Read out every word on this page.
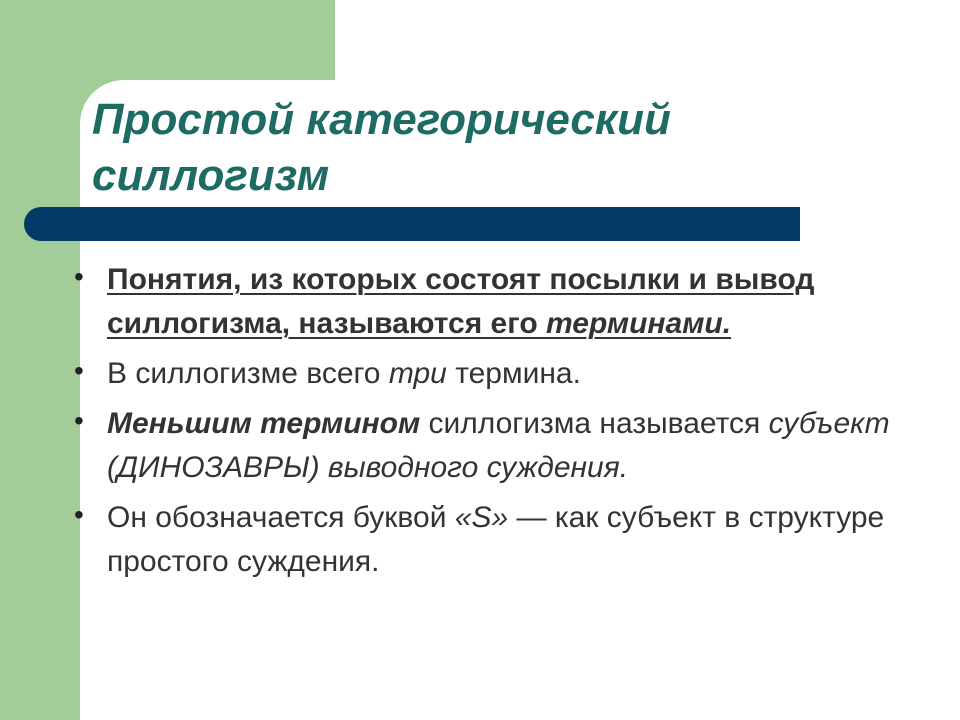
Простой категорический силлогизм
• Понятия, из которых состоят посылки и вывод силлогизма, называются его терминами.
• В силлогизме всего три термина.
• Меньшим термином силлогизма называется субъект (ДИНОЗАВРЫ) выводного суждения.
• Он обозначается буквой «S» — как субъект в структуре простого суждения.
